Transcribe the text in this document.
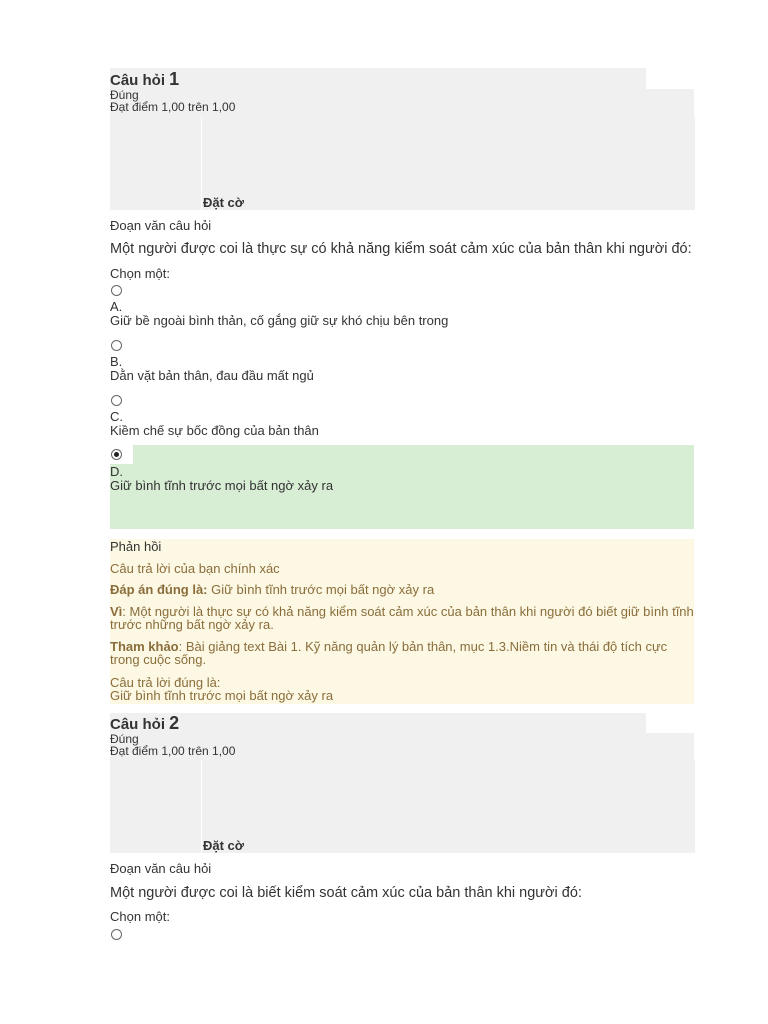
Câu hỏi 1
Đúng
Đạt điểm 1,00 trên 1,00
Đặt cờ
Đoạn văn câu hỏi
Một người được coi là thực sự có khả năng kiểm soát cảm xúc của bản thân khi người đó:
Chọn một:
A.
Giữ bề ngoài bình thản, cố gắng giữ sự khó chịu bên trong
B.
Dằn vặt bản thân, đau đầu mất ngủ
C.
Kiềm chế sự bốc đồng của bản thân
D.
Giữ bình tĩnh trước mọi bất ngờ xảy ra
Phản hồi
Câu trả lời của bạn chính xác
Đáp án đúng là: Giữ bình tĩnh trước mọi bất ngờ xảy ra
Vì: Một người là thực sự có khả năng kiểm soát cảm xúc của bản thân khi người đó biết giữ bình tĩnh trước những bất ngờ xảy ra.
Tham khảo: Bài giảng text Bài 1. Kỹ năng quản lý bản thân, mục 1.3.Niềm tin và thái độ tích cực trong cuộc sống.
Câu trả lời đúng là:
Giữ bình tĩnh trước mọi bất ngờ xảy ra
Câu hỏi 2
Đúng
Đạt điểm 1,00 trên 1,00
Đặt cờ
Đoạn văn câu hỏi
Một người được coi là biết kiểm soát cảm xúc của bản thân khi người đó:
Chọn một:
